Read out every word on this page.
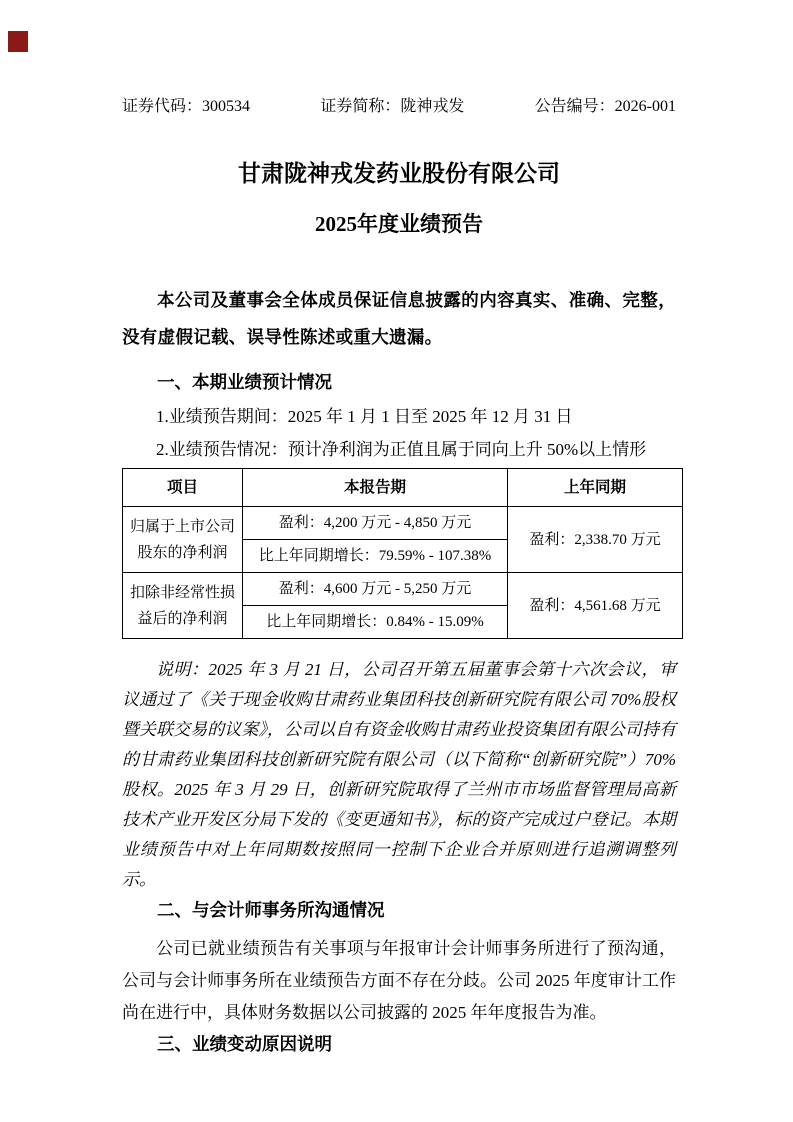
证券代码：300534	证券简称：陇神戎发	公告编号：2026-001

甘肃陇神戎发药业股份有限公司

2025年度业绩预告

本公司及董事会全体成员保证信息披露的内容真实、准确、完整，没有虚假记载、误导性陈述或重大遗漏。

一、本期业绩预计情况

1.业绩预告期间：2025 年 1 月 1 日至 2025 年 12 月 31 日

2.业绩预告情况：预计净利润为正值且属于同向上升 50%以上情形

项目	本报告期	上年同期
归属于上市公司股东的净利润	盈利：4,200 万元 - 4,850 万元	盈利：2,338.70 万元
	比上年同期增长：79.59% - 107.38%	
扣除非经常性损益后的净利润	盈利：4,600 万元 - 5,250 万元	盈利：4,561.68 万元
	比上年同期增长：0.84% - 15.09%	

说明：2025 年 3 月 21 日，公司召开第五届董事会第十六次会议，审议通过了《关于现金收购甘肃药业集团科技创新研究院有限公司 70%股权暨关联交易的议案》，公司以自有资金收购甘肃药业投资集团有限公司持有的甘肃药业集团科技创新研究院有限公司（以下简称“创新研究院”）70%股权。2025 年 3 月 29 日，创新研究院取得了兰州市市场监督管理局高新技术产业开发区分局下发的《变更通知书》，标的资产完成过户登记。本期业绩预告中对上年同期数按照同一控制下企业合并原则进行追溯调整列示。

二、与会计师事务所沟通情况

公司已就业绩预告有关事项与年报审计会计师事务所进行了预沟通，公司与会计师事务所在业绩预告方面不存在分歧。公司 2025 年度审计工作尚在进行中，具体财务数据以公司披露的 2025 年年度报告为准。

三、业绩变动原因说明
